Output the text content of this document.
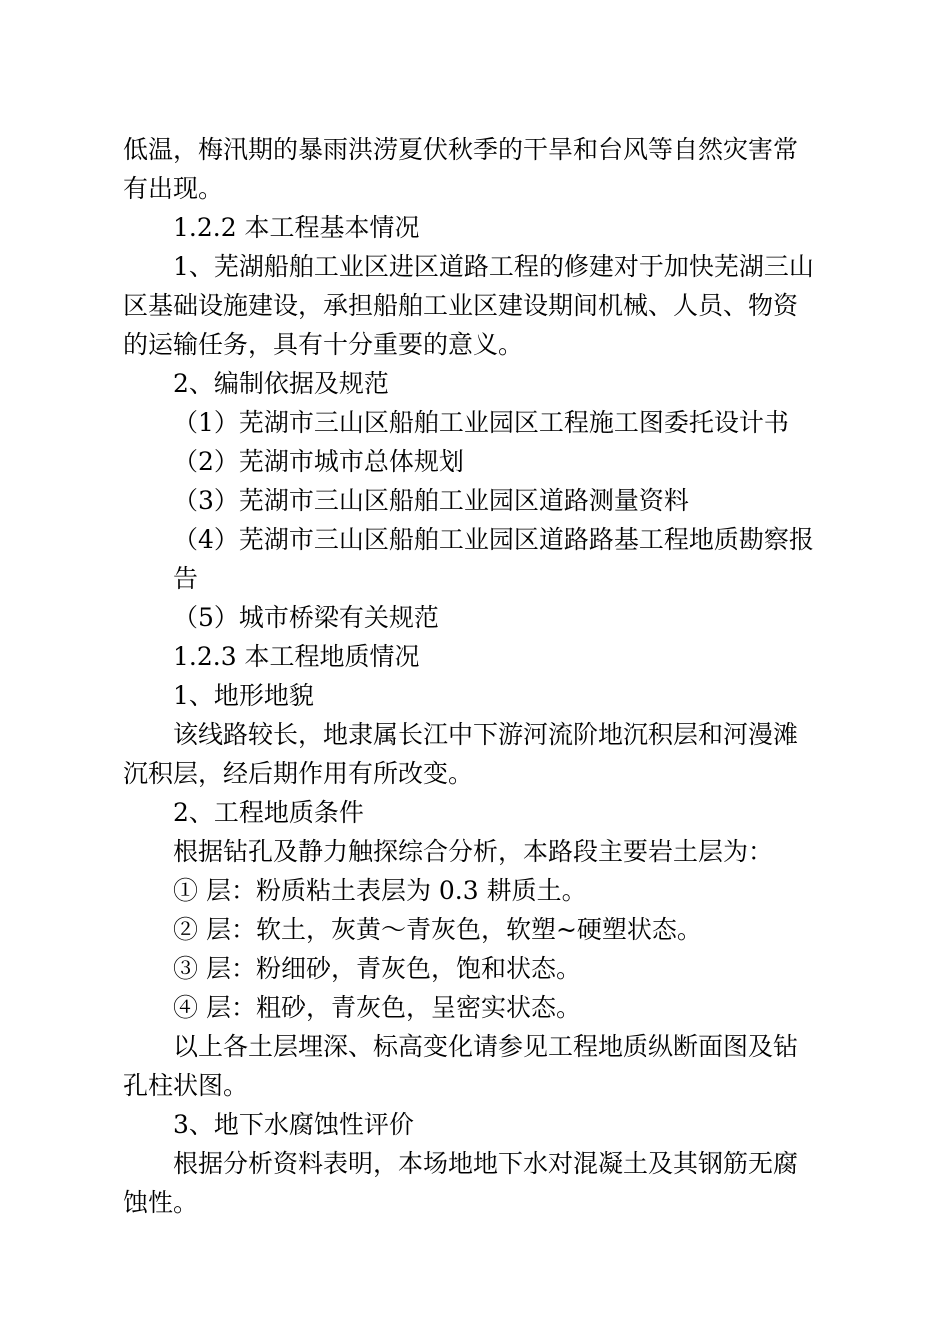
低温，梅汛期的暴雨洪涝夏伏秋季的干旱和台风等自然灾害常
有出现。
1.2.2 本工程基本情况
1、芜湖船舶工业区进区道路工程的修建对于加快芜湖三山
区基础设施建设，承担船舶工业区建设期间机械、人员、物资
的运输任务，具有十分重要的意义。
2、编制依据及规范
（1）芜湖市三山区船舶工业园区工程施工图委托设计书
（2）芜湖市城市总体规划
（3）芜湖市三山区船舶工业园区道路测量资料
（4）芜湖市三山区船舶工业园区道路路基工程地质勘察报
告
（5）城市桥梁有关规范
1.2.3 本工程地质情况
1、地形地貌
该线路较长，地隶属长江中下游河流阶地沉积层和河漫滩
沉积层，经后期作用有所改变。
2、工程地质条件
根据钻孔及静力触探综合分析，本路段主要岩土层为：
① 层：粉质粘土表层为 0.3 耕质土。
② 层：软土，灰黄～青灰色，软塑~硬塑状态。
③ 层：粉细砂，青灰色，饱和状态。
④ 层：粗砂，青灰色，呈密实状态。
以上各土层埋深、标高变化请参见工程地质纵断面图及钻
孔柱状图。
3、地下水腐蚀性评价
根据分析资料表明，本场地地下水对混凝土及其钢筋无腐
蚀性。
